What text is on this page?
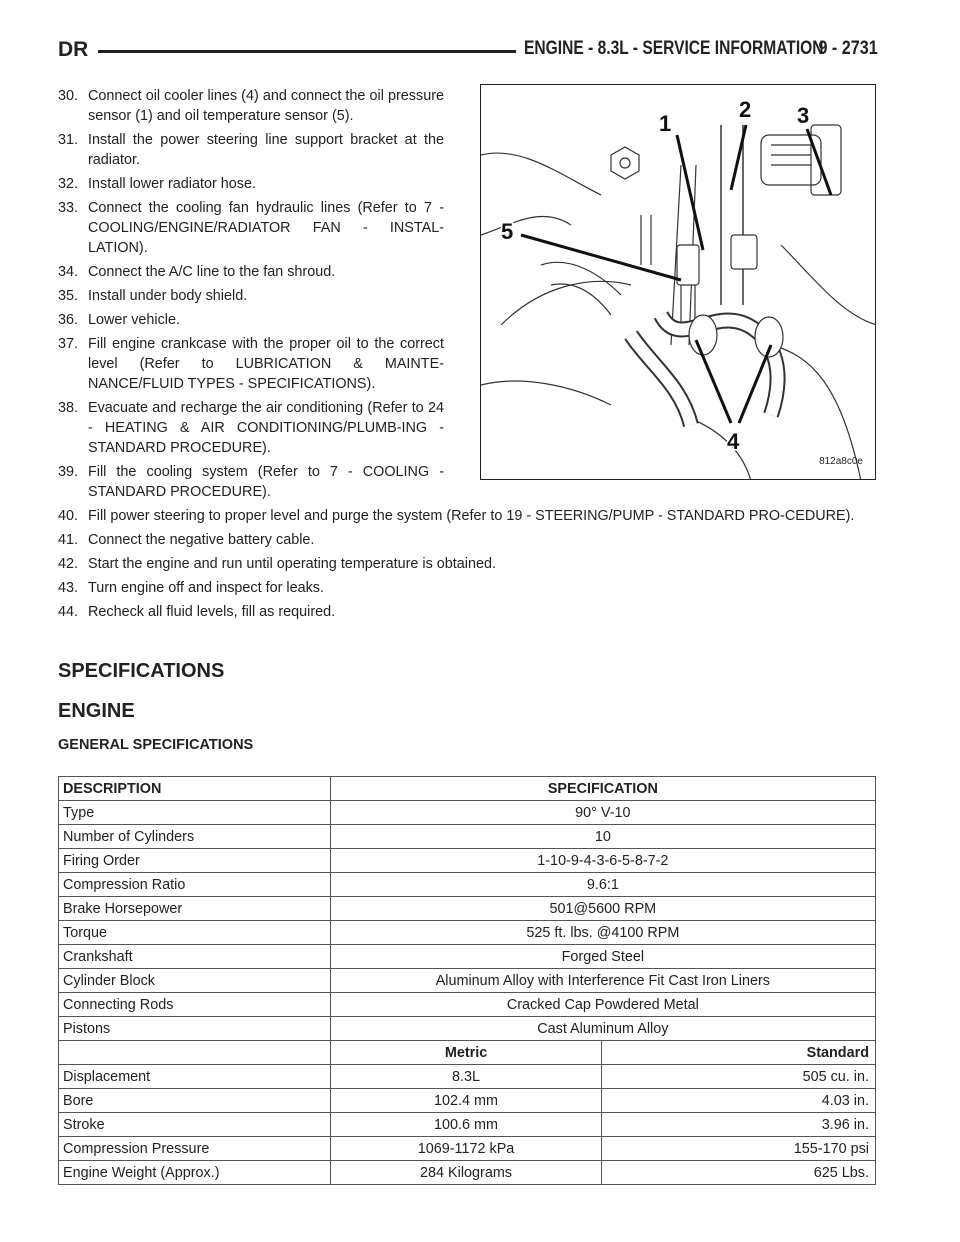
DR	ENGINE - 8.3L - SERVICE INFORMATION
9 - 2731
30. Connect oil cooler lines (4) and connect the oil pressure sensor (1) and oil temperature sensor (5).
31. Install the power steering line support bracket at the radiator.
32. Install lower radiator hose.
33. Connect the cooling fan hydraulic lines (Refer to 7 - COOLING/ENGINE/RADIATOR FAN - INSTAL-LATION).
34. Connect the A/C line to the fan shroud.
35. Install under body shield.
36. Lower vehicle.
37. Fill engine crankcase with the proper oil to the correct level (Refer to LUBRICATION & MAINTE-NANCE/FLUID TYPES - SPECIFICATIONS).
38. Evacuate and recharge the air conditioning (Refer to 24 - HEATING & AIR CONDITIONING/PLUMB-ING - STANDARD PROCEDURE).
39. Fill the cooling system (Refer to 7 - COOLING - STANDARD PROCEDURE).
40. Fill power steering to proper level and purge the system (Refer to 19 - STEERING/PUMP - STANDARD PRO-CEDURE).
41. Connect the negative battery cable.
42. Start the engine and run until operating temperature is obtained.
43. Turn engine off and inspect for leaks.
44. Recheck all fluid levels, fill as required.
1
2 3
4
5
812a8c0e
SPECIFICATIONS
ENGINE
GENERAL SPECIFICATIONS
DESCRIPTION	SPECIFICATION	
Type	90° V-10	
Number of Cylinders	10	
Firing Order	1-10-9-4-3-6-5-8-7-2	
Compression Ratio	9.6:1	
Brake Horsepower	501@5600 RPM	
Torque	525 ft. lbs. @4100 RPM	
Crankshaft	Forged Steel	
Cylinder Block	Aluminum Alloy with Interference Fit Cast Iron Liners	
Connecting Rods	Cracked Cap Powdered Metal	
Pistons	Cast Aluminum Alloy	
	Metric	Standard
Displacement	8.3L	505 cu. in.
Bore	102.4 mm	4.03 in.
Stroke	100.6 mm	3.96 in.
Compression Pressure	1069-1172 kPa	155-170 psi
Engine Weight (Approx.)	284 Kilograms	625 Lbs.
